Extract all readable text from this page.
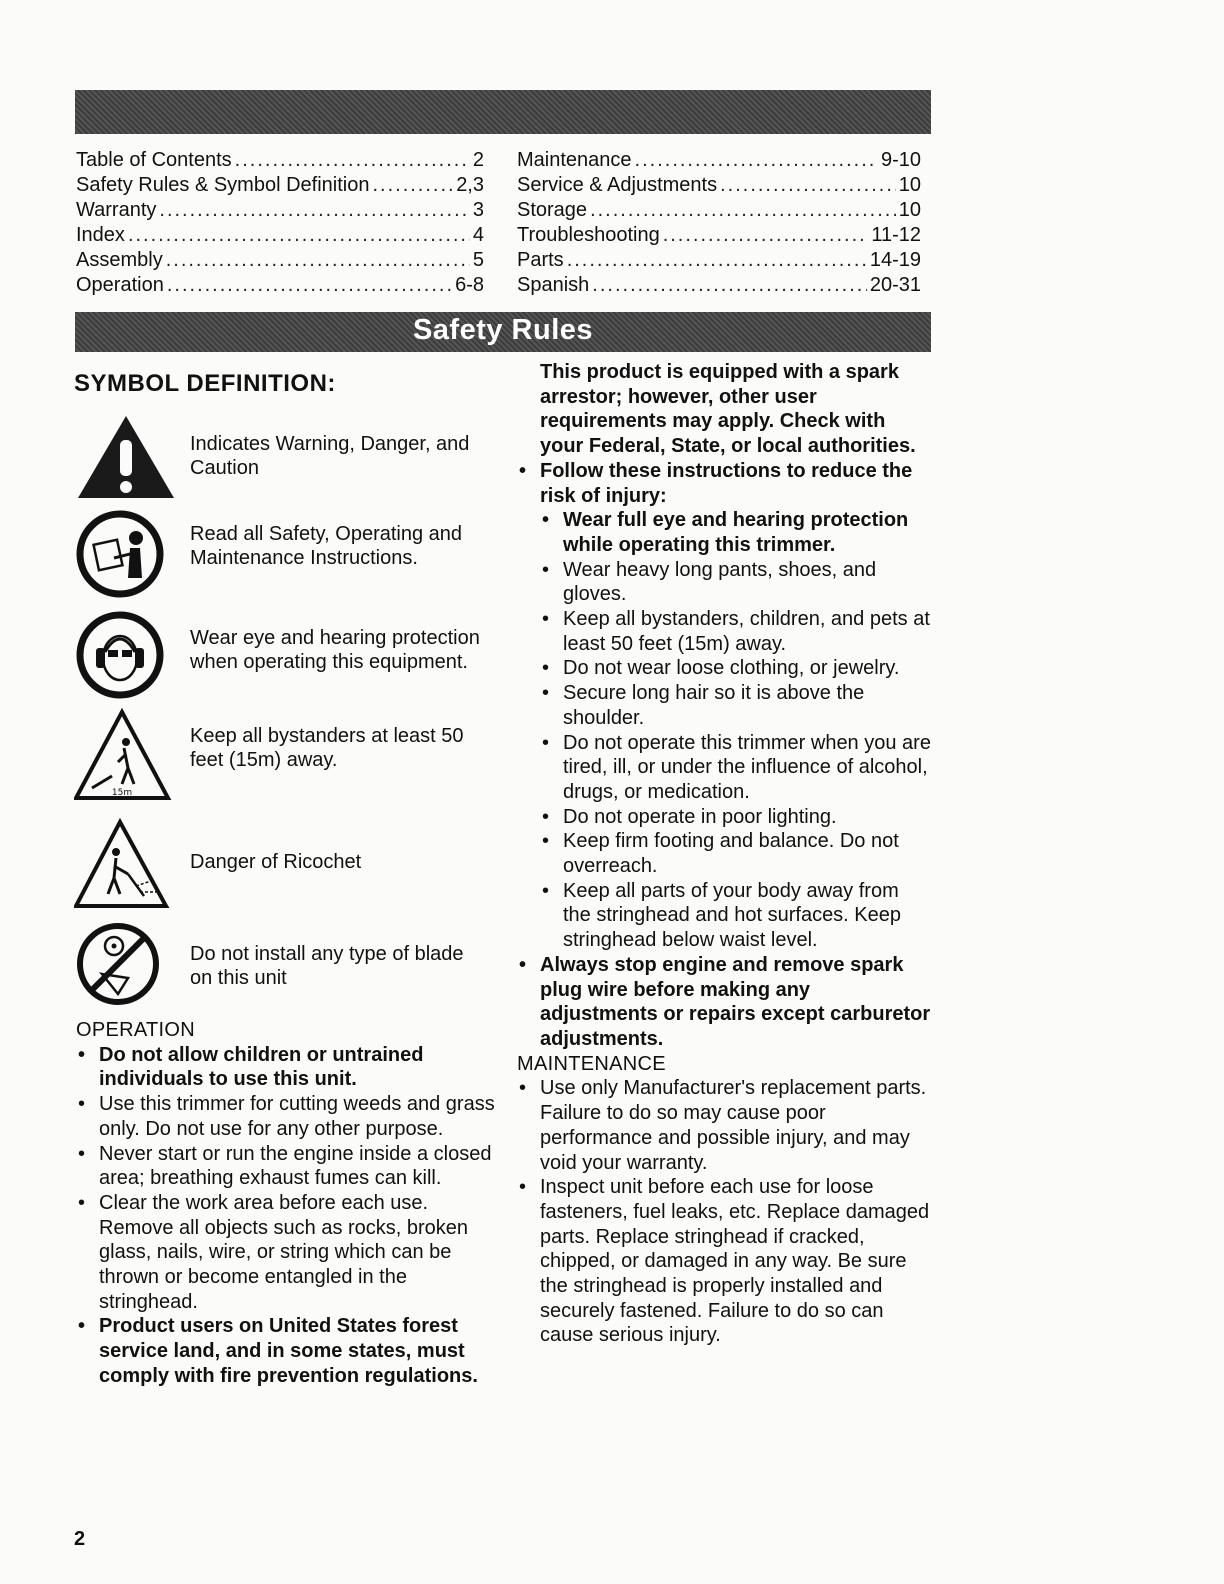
Table of Contents .....	2
Safety Rules & Symbol Definition .....	2,3
Warranty .....	3
Index .....	4
Assembly .....	5
Operation .....	6-8
Maintenance .....	9-10
Service & Adjustments .....	10
Storage .....	10
Troubleshooting .....	11-12
Parts .....	14-19
Spanish .....	20-31
Safety Rules
SYMBOL DEFINITION:
Indicates Warning, Danger, and Caution
Read all Safety, Operating and Maintenance Instructions.
Wear eye and hearing protection when operating this equipment.
15m
Keep all bystanders at least 50 feet (15m) away.
Danger of Ricochet
Do not install any type of blade on this unit

OPERATION

• Do not allow children or untrained individuals to use this unit.

• Use this trimmer for cutting weeds and grass only. Do not use for any other purpose.

• Never start or run the engine inside a closed area; breathing exhaust fumes can kill.

• Clear the work area before each use. Remove all objects such as rocks, broken glass, nails, wire, or string which can be thrown or become entangled in the stringhead.

• Product users on United States forest service land, and in some states, must comply with fire prevention regulations.

This product is equipped with a spark arrestor; however, other user requirements may apply. Check with your Federal, State, or local authorities.

• Follow these instructions to reduce the risk of injury:

• Wear full eye and hearing protection while operating this trimmer.

• Wear heavy long pants, shoes, and gloves.

• Keep all bystanders, children, and pets at least 50 feet (15m) away.

• Do not wear loose clothing, or jewelry.

• Secure long hair so it is above the shoulder.

• Do not operate this trimmer when you are tired, ill, or under the influence of alcohol, drugs, or medication.

• Do not operate in poor lighting.

• Keep firm footing and balance. Do not overreach.

• Keep all parts of your body away from the stringhead and hot surfaces. Keep stringhead below waist level.

• Always stop engine and remove spark plug wire before making any adjustments or repairs except carburetor adjustments.

MAINTENANCE

• Use only Manufacturer's replacement parts. Failure to do so may cause poor performance and possible injury, and may void your warranty.

• Inspect unit before each use for loose fasteners, fuel leaks, etc. Replace damaged parts. Replace stringhead if cracked, chipped, or damaged in any way. Be sure the stringhead is properly installed and securely fastened. Failure to do so can cause serious injury.

2
